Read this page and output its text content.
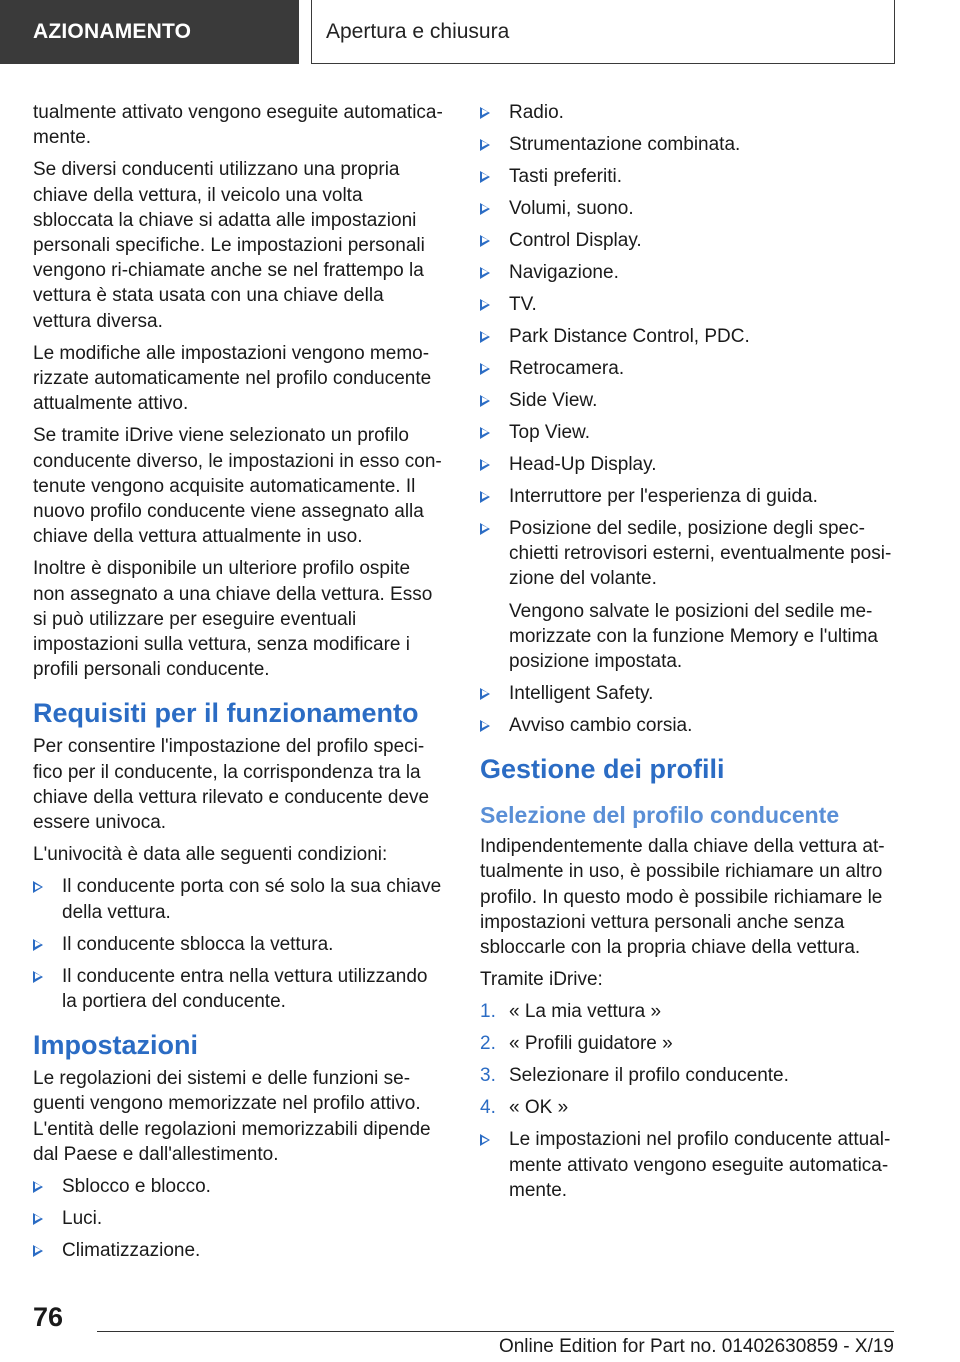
AZIONAMENTO	Apertura e chiusura

tualmente attivato vengono eseguite automatica-mente.

Se diversi conducenti utilizzano una propria chiave della vettura, il veicolo una volta sbloccata la chiave si adatta alle impostazioni personali specifiche. Le impostazioni personali vengono ri-chiamate anche se nel frattempo la vettura è stata usata con una chiave della vettura diversa.

Le modifiche alle impostazioni vengono memo-rizzate automaticamente nel profilo conducente attualmente attivo.

Se tramite iDrive viene selezionato un profilo conducente diverso, le impostazioni in esso con-tenute vengono acquisite automaticamente. Il nuovo profilo conducente viene assegnato alla chiave della vettura attualmente in uso.

Inoltre è disponibile un ulteriore profilo ospite non assegnato a una chiave della vettura. Esso si può utilizzare per eseguire eventuali impostazioni sulla vettura, senza modificare i profili personali conducente.

Requisiti per il funzionamento

Per consentire l'impostazione del profilo speci-fico per il conducente, la corrispondenza tra la chiave della vettura rilevato e conducente deve essere univoca.

L'univocità è data alle seguenti condizioni:

Il conducente porta con sé solo la sua chiave della vettura.
Il conducente sblocca la vettura.
Il conducente entra nella vettura utilizzando la portiera del conducente.
Impostazioni

Le regolazioni dei sistemi e delle funzioni se-guenti vengono memorizzate nel profilo attivo. L'entità delle regolazioni memorizzabili dipende dal Paese e dall'allestimento.

Sblocco e blocco.
Luci.
Climatizzazione.
Radio.
Strumentazione combinata.
Tasti preferiti.
Volumi, suono.
Control Display.
Navigazione.
TV.
Park Distance Control, PDC.
Retrocamera.
Side View.
Top View.
Head-Up Display.
Interruttore per l'esperienza di guida.
Posizione del sedile, posizione degli spec-chietti retrovisori esterni, eventualmente posi-zione del volante.
Vengono salvate le posizioni del sedile me-morizzate con la funzione Memory e l'ultima posizione impostata.
Intelligent Safety.
Avviso cambio corsia.
Gestione dei profili
Selezione del profilo conducente

Indipendentemente dalla chiave della vettura at-tualmente in uso, è possibile richiamare un altro profilo. In questo modo è possibile richiamare le impostazioni vettura personali anche senza sbloccarle con la propria chiave della vettura.

Tramite iDrive:

1. « La mia vettura »
2. « Profili guidatore »
3. Selezionare il profilo conducente.
4. « OK »
Le impostazioni nel profilo conducente attual-mente attivato vengono eseguite automatica-mente.
76
Online Edition for Part no. 01402630859 - X/19
